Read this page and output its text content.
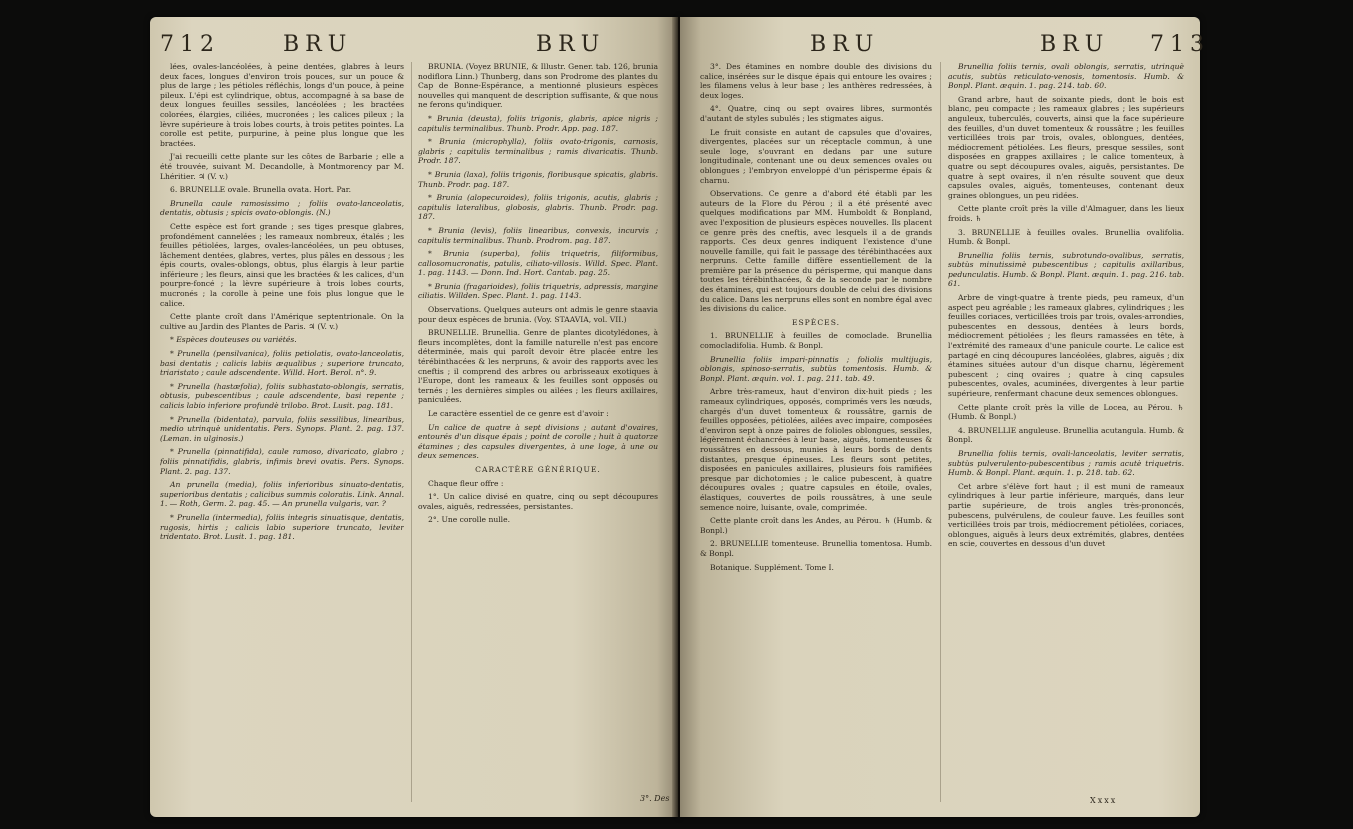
712	BRU	BRU

lées, ovales-lancéolées, à peine dentées, glabres à leurs deux faces, longues d'environ trois pouces, sur un pouce & plus de large ; les pétioles réfléchis, longs d'un pouce, à peine pileux. L'épi est cylindrique, obtus, accompagné à sa base de deux longues feuilles sessiles, lancéolées ; les bractées colorées, élargies, ciliées, mucronées ; les calices pileux ; la lèvre supérieure à trois lobes courts, à trois petites pointes. La corolle est petite, purpurine, à peine plus longue que les bractées.

J'ai recueilli cette plante sur les côtes de Barbarie ; elle a été trouvée, suivant M. Decandolle, à Montmorency par M. Lhéritier. ♃ (V. v.)

6. BRUNELLE ovale. Brunella ovata. Hort. Par.

Brunella caule ramosissimo ; foliis ovato-lanceolatis, dentatis, obtusis ; spicis ovato-oblongis. (N.)

Cette espèce est fort grande ; ses tiges presque glabres, profondément cannelées ; les rameaux nombreux, étalés ; les feuilles pétiolées, larges, ovales-lancéolées, un peu obtuses, lâchement dentées, glabres, vertes, plus pâles en dessous ; les épis courts, ovales-oblongs, obtus, plus élargis à leur partie inférieure ; les fleurs, ainsi que les bractées & les calices, d'un pourpre-foncé ; la lèvre supérieure à trois lobes courts, mucronés ; la corolle à peine une fois plus longue que le calice.

Cette plante croît dans l'Amérique septentrionale. On la cultive au Jardin des Plantes de Paris. ♃ (V. v.)

* Espèces douteuses ou variétés.

* Prunella (pensilvanica), foliis petiolatis, ovato-lanceolatis, basi dentatis ; calicis labiis æqualibus ; superiore truncato, triaristato ; caule adscendente. Willd. Hort. Berol. n°. 9.

* Prunella (hastæfolia), foliis subhastato-oblongis, serratis, obtusis, pubescentibus ; caule adscendente, basi repente ; calicis labio inferiore profundè trilobo. Brot. Lusit. pag. 181.

* Prunella (bidentata), parvula, foliis sessilibus, linearibus, medio utrinquè unidentatis. Pers. Synops. Plant. 2. pag. 137. (Leman. in ulginosis.)

* Prunella (pinnatifida), caule ramoso, divaricato, glabro ; foliis pinnatifidis, glabris, infimis brevi ovatis. Pers. Synops. Plant. 2. pag. 137.

An prunella (media), foliis inferioribus sinuato-dentatis, superioribus dentatis ; calicibus summis coloratis. Link. Annal. 1. — Roth, Germ. 2. pag. 45. — An prunella vulgaris, var. ?

* Prunella (intermedia), foliis integris sinuatisque, dentatis, rugosis, hirtis ; calicis labio superiore truncato, leviter tridentato. Brot. Lusit. 1. pag. 181.

BRUNIA. (Voyez BRUNIE, & Illustr. Gener. tab. 126, brunia nodiflora Linn.) Thunberg, dans son Prodrome des plantes du Cap de Bonne-Espérance, a mentionné plusieurs espèces nouvelles qui manquent de description suffisante, & que nous ne ferons qu'indiquer.

* Brunia (deusta), foliis trigonis, glabris, apice nigris ; capitulis terminalibus. Thunb. Prodr. App. pag. 187.

* Brunia (microphylla), foliis ovato-trigonis, carnosis, glabris ; capitulis terminalibus ; ramis divaricatis. Thunb. Prodr. 187.

* Brunia (laxa), foliis trigonis, floribusque spicatis, glabris. Thunb. Prodr. pag. 187.

* Brunia (alopecuroides), foliis trigonis, acutis, glabris ; capitulis lateralibus, globosis, glabris. Thunb. Prodr. pag. 187.

* Brunia (levis), foliis linearibus, convexis, incurvis ; capitulis terminalibus. Thunb. Prodrom. pag. 187.

* Brunia (superba), foliis triquetris, filiformibus, callosomucronatis, patulis, ciliato-villosis. Willd. Spec. Plant. 1. pag. 1143. — Donn. Ind. Hort. Cantab. pag. 25.

* Brunia (fragarioides), foliis triquetris, adpressis, margine ciliatis. Willden. Spec. Plant. 1. pag. 1143.

Observations. Quelques auteurs ont admis le genre staavia pour deux espèces de brunia. (Voy. STAAVIA, vol. VII.)

BRUNELLIE. Brunellia. Genre de plantes dicotylédones, à fleurs incomplètes, dont la famille naturelle n'est pas encore déterminée, mais qui paroît devoir être placée entre les térébinthacées & les nerpruns, & avoir des rapports avec les cneftis ; il comprend des arbres ou arbrisseaux exotiques à l'Europe, dont les rameaux & les feuilles sont opposés ou ternés ; les dernières simples ou ailées ; les fleurs axillaires, paniculées.

Le caractère essentiel de ce genre est d'avoir :

Un calice de quatre à sept divisions ; autant d'ovaires, entourés d'un disque épais ; point de corolle ; huit à quatorze étamines ; des capsules divergentes, à une loge, à une ou deux semences.

CARACTÈRE GÉNÉRIQUE.

Chaque fleur offre :

1°. Un calice divisé en quatre, cinq ou sept découpures ovales, aiguës, redressées, persistantes.

2°. Une corolle nulle.

3°. Des
BRU	BRU 713

3°. Des étamines en nombre double des divisions du calice, insérées sur le disque épais qui entoure les ovaires ; les filamens velus à leur base ; les anthères redressées, à deux loges.

4°. Quatre, cinq ou sept ovaires libres, surmontés d'autant de styles subulés ; les stigmates aigus.

Le fruit consiste en autant de capsules que d'ovaires, divergentes, placées sur un réceptacle commun, à une seule loge, s'ouvrant en dedans par une suture longitudinale, contenant une ou deux semences ovales ou oblongues ; l'embryon enveloppé d'un périsperme épais & charnu.

Observations. Ce genre a d'abord été établi par les auteurs de la Flore du Pérou ; il a été présenté avec quelques modifications par MM. Humboldt & Bonpland, avec l'exposition de plusieurs espèces nouvelles. Ils placent ce genre près des cneftis, avec lesquels il a de grands rapports. Ces deux genres indiquent l'existence d'une nouvelle famille, qui fait le passage des térébinthacées aux nerpruns. Cette famille diffère essentiellement de la première par la présence du périsperme, qui manque dans toutes les térébinthacées, & de la seconde par le nombre des étamines, qui est toujours double de celui des divisions du calice. Dans les nerpruns elles sont en nombre égal avec les divisions du calice.

ESPÈCES.

1. BRUNELLIE à feuilles de comoclade. Brunellia comocladifolia. Humb. & Bonpl.

Brunellia foliis impari-pinnatis ; foliolis multijugis, oblongis, spinoso-serratis, subtùs tomentosis. Humb. & Bonpl. Plant. æquin. vol. 1. pag. 211. tab. 49.

Arbre très-rameux, haut d'environ dix-huit pieds ; les rameaux cylindriques, opposés, comprimés vers les nœuds, chargés d'un duvet tomenteux & roussâtre, garnis de feuilles opposées, pétiolées, ailées avec impaire, composées d'environ sept à onze paires de folioles oblongues, sessiles, légèrement échancrées à leur base, aiguës, tomenteuses & roussâtres en dessous, munies à leurs bords de dents distantes, presque épineuses. Les fleurs sont petites, disposées en panicules axillaires, plusieurs fois ramifiées presque par dichotomies ; le calice pubescent, à quatre découpures ovales ; quatre capsules en étoile, ovales, élastiques, couvertes de poils roussâtres, à une seule semence noire, luisante, ovale, comprimée.

Cette plante croît dans les Andes, au Pérou. ♄ (Humb. & Bonpl.)

2. BRUNELLIE tomenteuse. Brunellia tomentosa. Humb. & Bonpl.

Botanique. Supplément. Tome I.

Brunellia foliis ternis, ovali oblongis, serratis, utrinquè acutis, subtùs reticulato-venosis, tomentosis. Humb. & Bonpl. Plant. æquin. 1. pag. 214. tab. 60.

Grand arbre, haut de soixante pieds, dont le bois est blanc, peu compacte ; les rameaux glabres ; les supérieurs anguleux, tuberculés, couverts, ainsi que la face supérieure des feuilles, d'un duvet tomenteux & roussâtre ; les feuilles verticillées trois par trois, ovales, oblongues, dentées, médiocrement pétiolées. Les fleurs, presque sessiles, sont disposées en grappes axillaires ; le calice tomenteux, à quatre ou sept découpures ovales, aiguës, persistantes. De quatre à sept ovaires, il n'en résulte souvent que deux capsules ovales, aiguës, tomenteuses, contenant deux graines oblongues, un peu ridées.

Cette plante croît près la ville d'Almaguer, dans les lieux froids. ♄

3. BRUNELLIE à feuilles ovales. Brunellia ovalifolia. Humb. & Bonpl.

Brunellia foliis ternis, subrotundo-ovalibus, serratis, subtùs minutissimè pubescentibus ; capitulis axillaribus, pedunculatis. Humb. & Bonpl. Plant. æquin. 1. pag. 216. tab. 61.

Arbre de vingt-quatre à trente pieds, peu rameux, d'un aspect peu agréable ; les rameaux glabres, cylindriques ; les feuilles coriaces, verticillées trois par trois, ovales-arrondies, pubescentes en dessous, dentées à leurs bords, médiocrement pétiolées ; les fleurs ramassées en tête, à l'extrémité des rameaux d'une panicule courte. Le calice est partagé en cinq découpures lancéolées, glabres, aiguës ; dix étamines situées autour d'un disque charnu, légèrement pubescent ; cinq ovaires ; quatre à cinq capsules pubescentes, ovales, acuminées, divergentes à leur partie supérieure, renfermant chacune deux semences oblongues.

Cette plante croît près la ville de Locea, au Pérou. ♄ (Humb. & Bonpl.)

4. BRUNELLIE anguleuse. Brunellia acutangula. Humb. & Bonpl.

Brunellia foliis ternis, ovali-lanceolatis, leviter serratis, subtùs pulverulento-pubescentibus ; ramis acutè triquetris. Humb. & Bonpl. Plant. æquin. 1. p. 218. tab. 62.

Cet arbre s'élève fort haut ; il est muni de rameaux cylindriques à leur partie inférieure, marqués, dans leur partie supérieure, de trois angles très-prononcés, pubescens, pulvérulens, de couleur fauve. Les feuilles sont verticillées trois par trois, médiocrement pétiolées, coriaces, oblongues, aiguës à leurs deux extrémités, glabres, dentées en scie, couvertes en dessous d'un duvet

Xxxx
